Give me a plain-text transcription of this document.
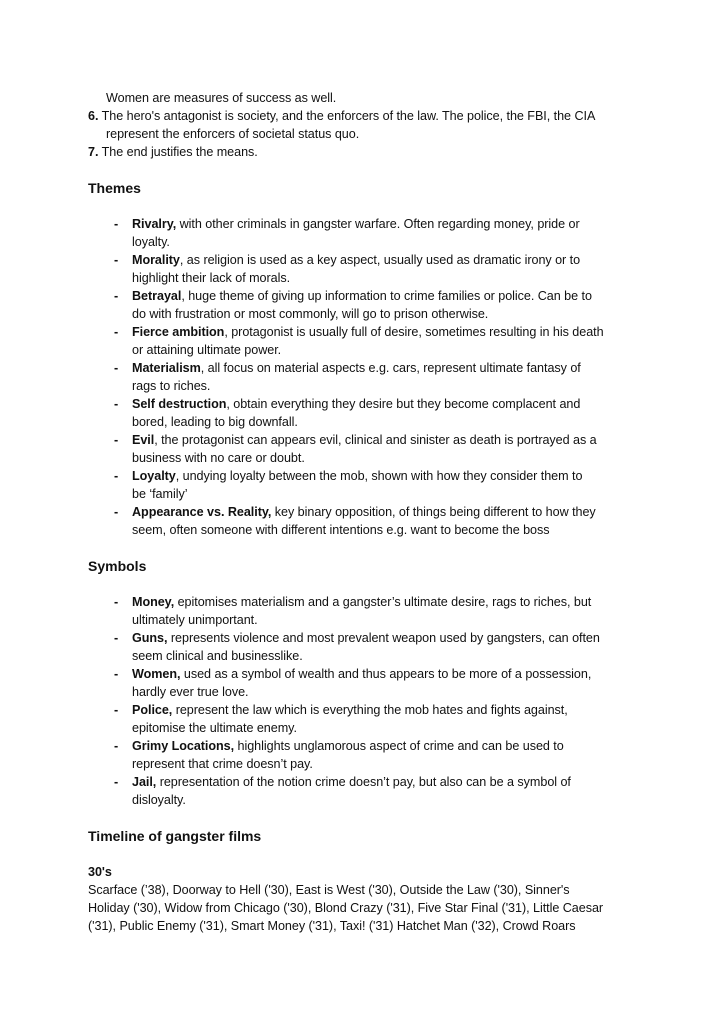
Women are measures of success as well.
6. The hero's antagonist is society, and the enforcers of the law. The police, the FBI, the CIA
represent the enforcers of societal status quo.
7. The end justifies the means.
Themes
- Rivalry, with other criminals in gangster warfare. Often regarding money, pride or
loyalty.
- Morality, as religion is used as a key aspect, usually used as dramatic irony or to
highlight their lack of morals.
- Betrayal, huge theme of giving up information to crime families or police. Can be to
do with frustration or most commonly, will go to prison otherwise.
- Fierce ambition, protagonist is usually full of desire, sometimes resulting in his death
or attaining ultimate power.
- Materialism, all focus on material aspects e.g. cars, represent ultimate fantasy of
rags to riches.
- Self destruction, obtain everything they desire but they become complacent and
bored, leading to big downfall.
- Evil, the protagonist can appears evil, clinical and sinister as death is portrayed as a
business with no care or doubt.
- Loyalty, undying loyalty between the mob, shown with how they consider them to
be ‘family’
- Appearance vs. Reality, key binary opposition, of things being different to how they
seem, often someone with different intentions e.g. want to become the boss
Symbols
- Money, epitomises materialism and a gangster’s ultimate desire, rags to riches, but
ultimately unimportant.
- Guns, represents violence and most prevalent weapon used by gangsters, can often
seem clinical and businesslike.
- Women, used as a symbol of wealth and thus appears to be more of a possession,
hardly ever true love.
- Police, represent the law which is everything the mob hates and fights against,
epitomise the ultimate enemy.
- Grimy Locations, highlights unglamorous aspect of crime and can be used to
represent that crime doesn’t pay.
- Jail, representation of the notion crime doesn’t pay, but also can be a symbol of
disloyalty.
Timeline of gangster films
30's
Scarface (’38), Doorway to Hell ('30), East is West ('30), Outside the Law ('30), Sinner's
Holiday ('30), Widow from Chicago ('30), Blond Crazy ('31), Five Star Final ('31), Little Caesar
('31), Public Enemy ('31), Smart Money ('31), Taxi! ('31) Hatchet Man ('32), Crowd Roars
